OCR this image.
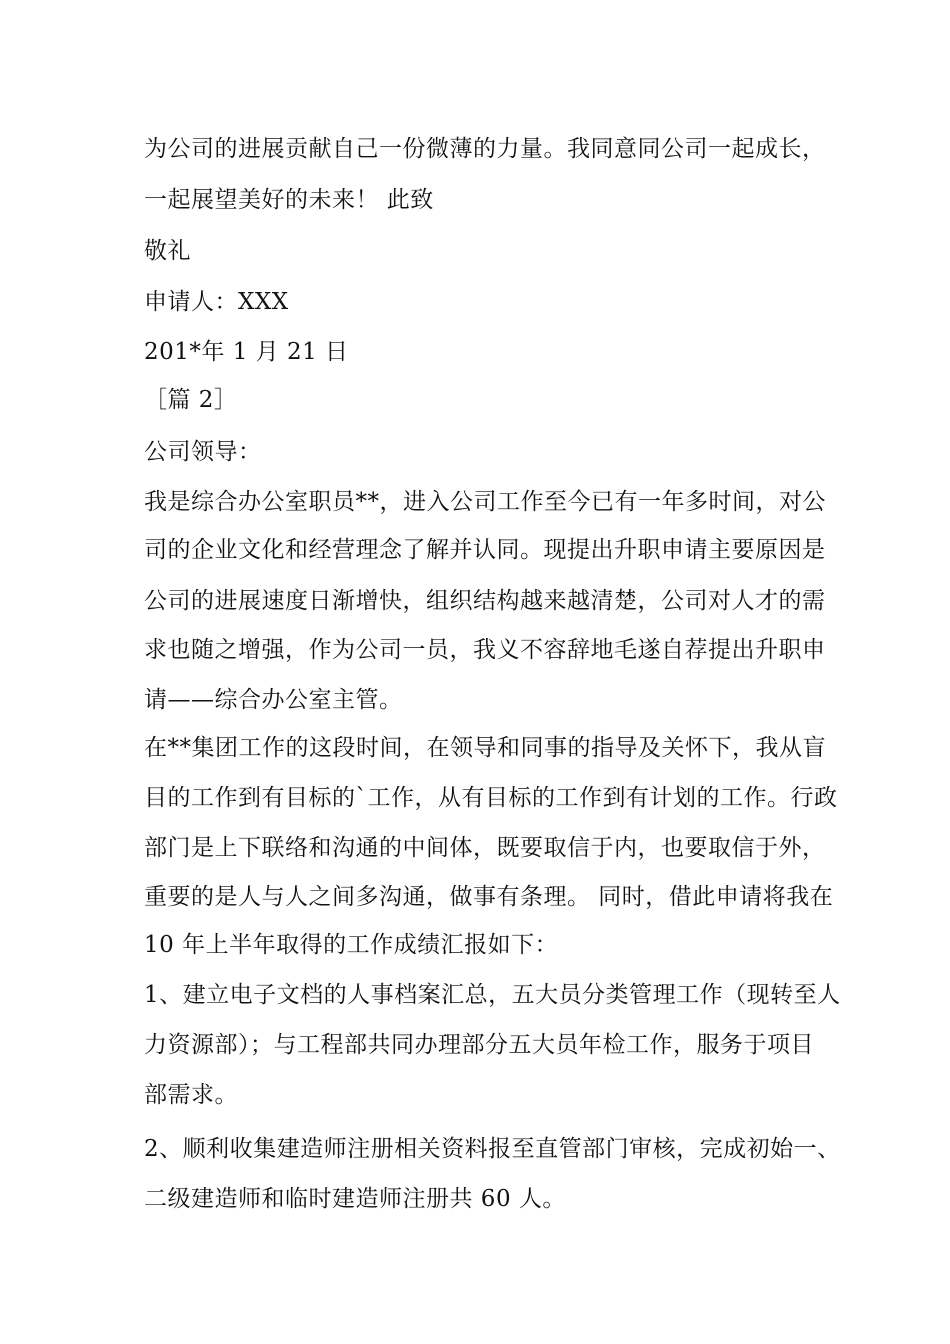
为公司的进展贡献自己一份微薄的力量。我同意同公司一起成长，
一起展望美好的未来！ 此致
敬礼
申请人：XXX
201*年 1 月 21 日
［篇 2］
公司领导：
我是综合办公室职员**，进入公司工作至今已有一年多时间，对公
司的企业文化和经营理念了解并认同。现提出升职申请主要原因是
公司的进展速度日渐增快，组织结构越来越清楚，公司对人才的需
求也随之增强，作为公司一员，我义不容辞地毛遂自荐提出升职申
请——综合办公室主管。
在**集团工作的这段时间，在领导和同事的指导及关怀下，我从盲
目的工作到有目标的`工作，从有目标的工作到有计划的工作。行政
部门是上下联络和沟通的中间体，既要取信于内，也要取信于外，
重要的是人与人之间多沟通，做事有条理。 同时，借此申请将我在
10 年上半年取得的工作成绩汇报如下：
1、建立电子文档的人事档案汇总，五大员分类管理工作（现转至人
力资源部）；与工程部共同办理部分五大员年检工作，服务于项目
部需求。
2、顺利收集建造师注册相关资料报至直管部门审核，完成初始一、
二级建造师和临时建造师注册共 60 人。
